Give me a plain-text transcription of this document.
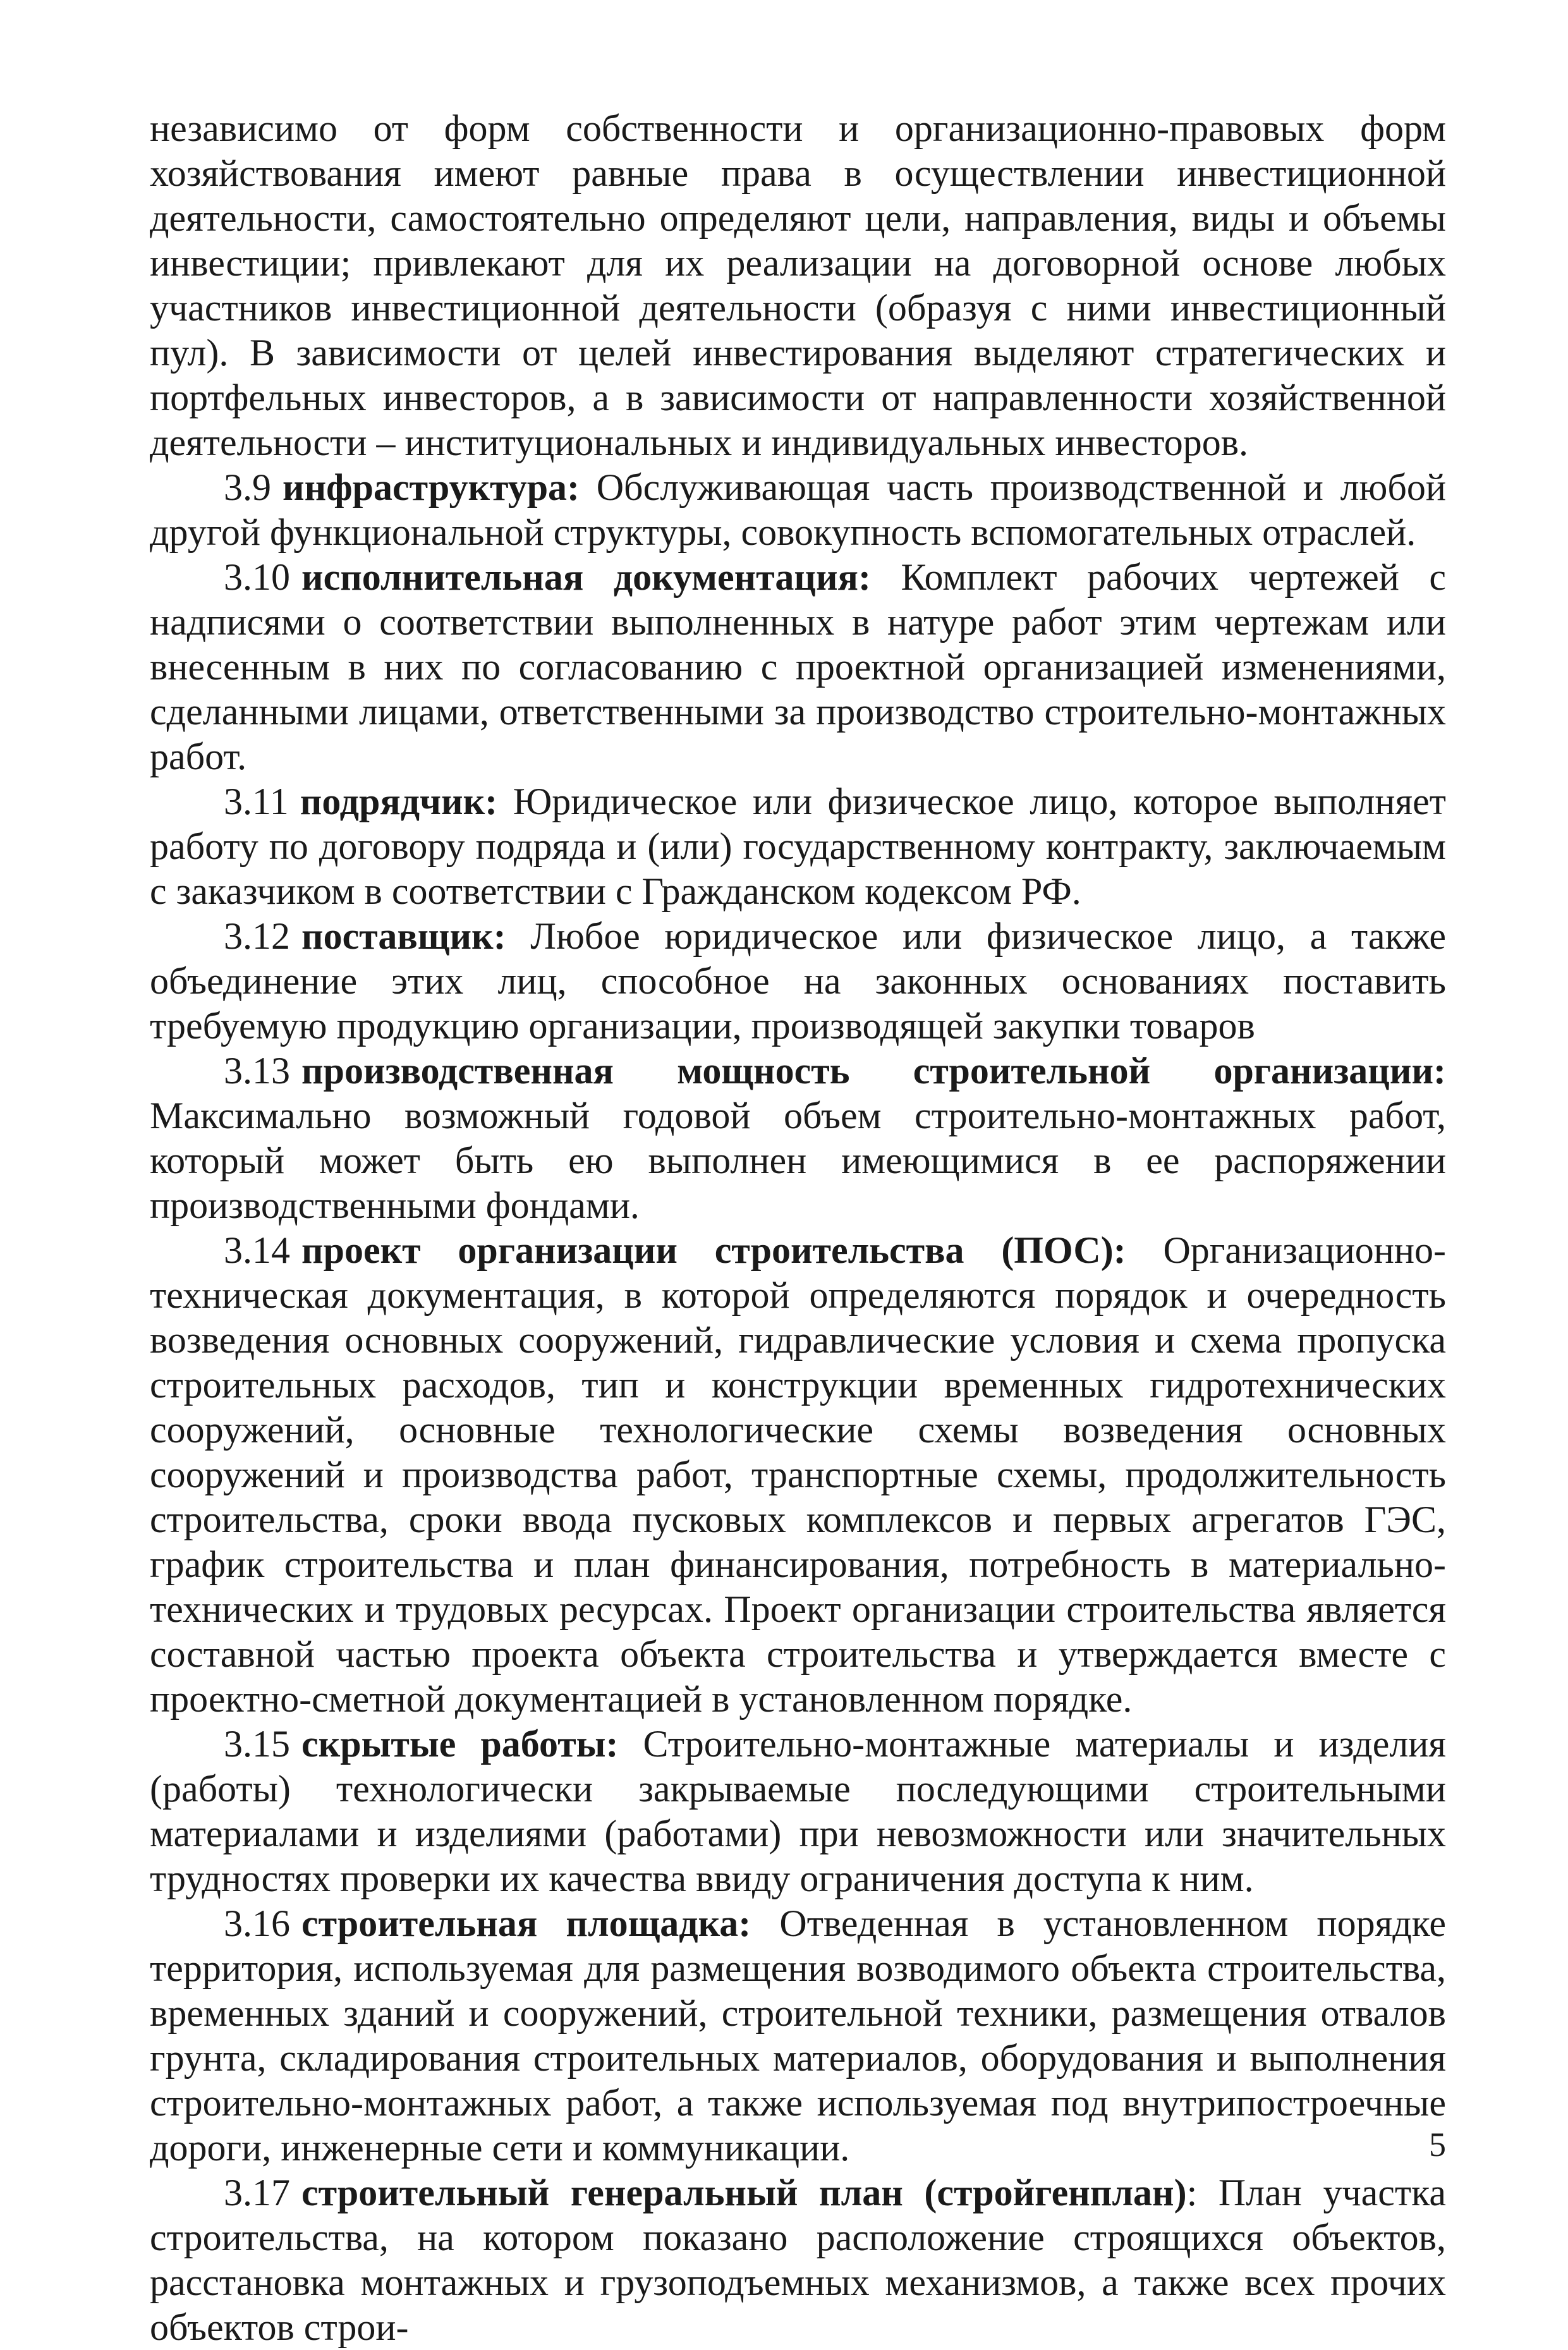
независимо от форм собственности и организационно-правовых форм хозяйствования имеют равные права в осуществлении инвестиционной деятельности, самостоятельно определяют цели, направления, виды и объемы инвестиции; привлекают для их реализации на договорной основе любых участников инвестиционной деятельности (образуя с ними инвестиционный пул). В зависимости от целей инвестирования выделяют стратегических и портфельных инвесторов, а в зависимости от направленности хозяйственной деятельности – институциональных и индивидуальных инвесторов.

3.9 инфраструктура: Обслуживающая часть производственной и любой другой функциональной структуры, совокупность вспомогательных отраслей.

3.10 исполнительная документация: Комплект рабочих чертежей с надписями о соответствии выполненных в натуре работ этим чертежам или внесенным в них по согласованию с проектной организацией изменениями, сделанными лицами, ответственными за производство строительно-монтажных работ.

3.11 подрядчик: Юридическое или физическое лицо, которое выполняет работу по договору подряда и (или) государственному контракту, заключаемым с заказчиком в соответствии с Гражданском кодексом РФ.

3.12 поставщик: Любое юридическое или физическое лицо, а также объединение этих лиц, способное на законных основаниях поставить требуемую продукцию организации, производящей закупки товаров

3.13 производственная мощность строительной организации: Максимально возможный годовой объем строительно-монтажных работ, который может быть ею выполнен имеющимися в ее распоряжении производственными фондами.

3.14 проект организации строительства (ПОС): Организационно-техническая документация, в которой определяются порядок и очередность возведения основных сооружений, гидравлические условия и схема пропуска строительных расходов, тип и конструкции временных гидротехнических сооружений, основные технологические схемы возведения основных сооружений и производства работ, транспортные схемы, продолжительность строительства, сроки ввода пусковых комплексов и первых агрегатов ГЭС, график строительства и план финансирования, потребность в материально-технических и трудовых ресурсах. Проект организации строительства является составной частью проекта объекта строительства и утверждается вместе с проектно-сметной документацией в установленном порядке.

3.15 скрытые работы: Строительно-монтажные материалы и изделия (работы) технологически закрываемые последующими строительными материалами и изделиями (работами) при невозможности или значительных трудностях проверки их качества ввиду ограничения доступа к ним.

3.16 строительная площадка: Отведенная в установленном порядке территория, используемая для размещения возводимого объекта строительства, временных зданий и сооружений, строительной техники, размещения отвалов грунта, складирования строительных материалов, оборудования и выполнения строительно-монтажных работ, а также используемая под внутрипостроечные дороги, инженерные сети и коммуникации.

3.17 строительный генеральный план (стройгенплан): План участка строительства, на котором показано расположение строящихся объектов, расстановка монтажных и грузоподъемных механизмов, а также всех прочих объектов строи-

5
